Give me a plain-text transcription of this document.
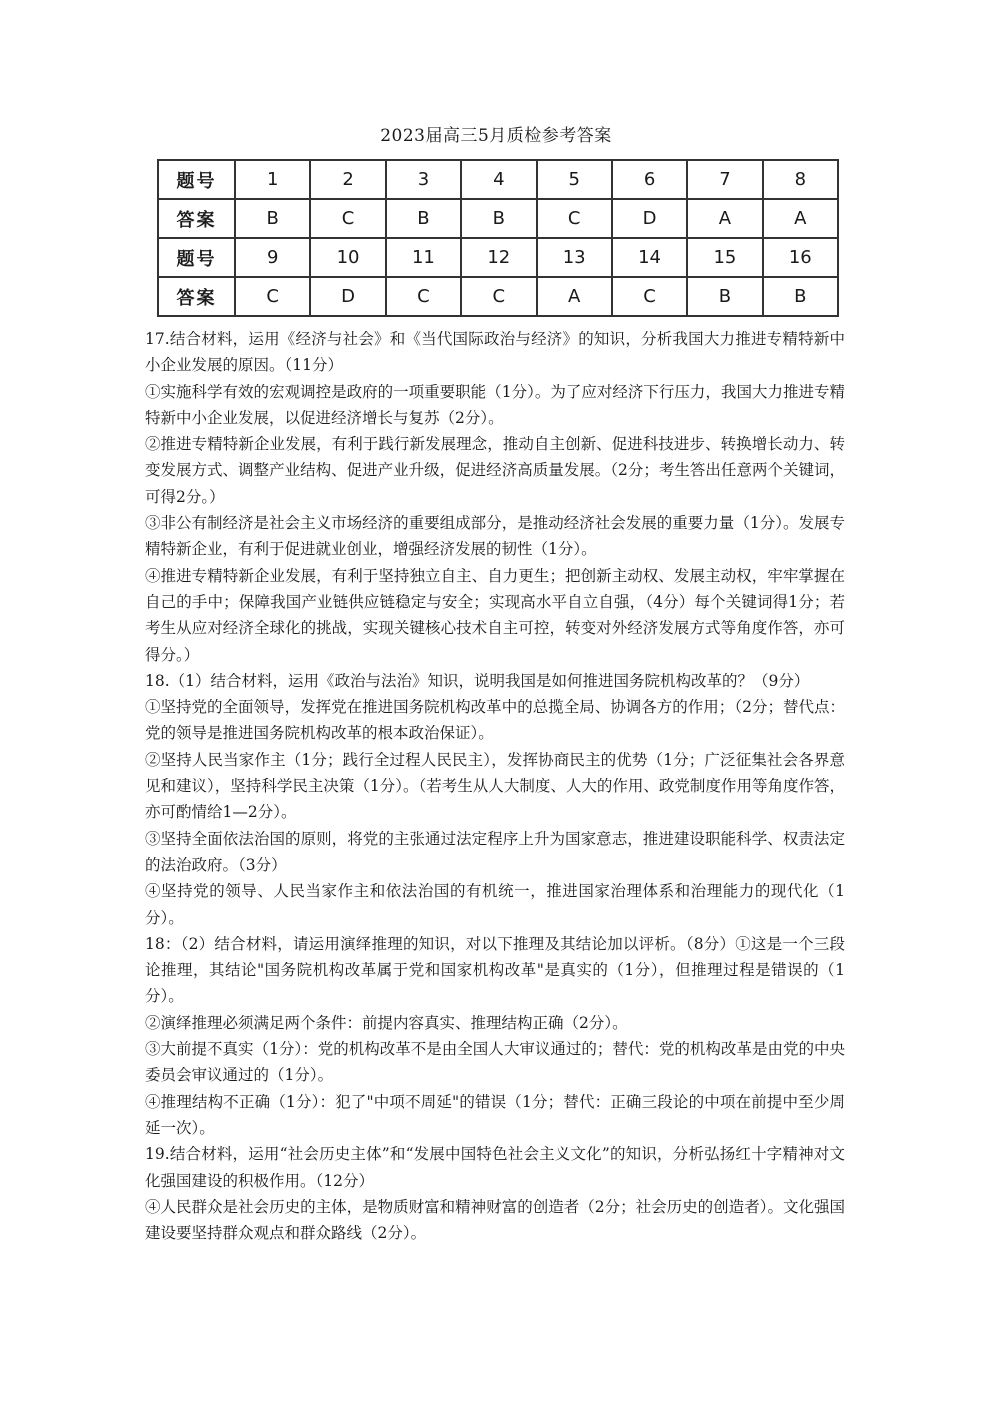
2023届高三5月质检参考答案
题号	1	2	3	4	5	6	7	8
答案	B	C	B	B	C	D	A	A
题号	9	10	11	12	13	14	15	16
答案	C	D	C	C	A	C	B	B

17.结合材料，运用《经济与社会》和《当代国际政治与经济》的知识，分析我国大力推进专精特新中小企业发展的原因。（11分）

①实施科学有效的宏观调控是政府的一项重要职能（1分）。为了应对经济下行压力，我国大力推进专精特新中小企业发展，以促进经济增长与复苏（2分）。

②推进专精特新企业发展，有利于践行新发展理念，推动自主创新、促进科技进步、转换增长动力、转变发展方式、调整产业结构、促进产业升级，促进经济高质量发展。（2分；考生答出任意两个关键词，可得2分。）

③非公有制经济是社会主义市场经济的重要组成部分，是推动经济社会发展的重要力量（1分）。发展专精特新企业，有利于促进就业创业，增强经济发展的韧性（1分）。

④推进专精特新企业发展，有利于坚持独立自主、自力更生；把创新主动权、发展主动权，牢牢掌握在自己的手中；保障我国产业链供应链稳定与安全；实现高水平自立自强，（4分）每个关键词得1分；若考生从应对经济全球化的挑战，实现关键核心技术自主可控，转变对外经济发展方式等角度作答，亦可得分。）

18.（1）结合材料，运用《政治与法治》知识，说明我国是如何推进国务院机构改革的？（9分）

①坚持党的全面领导，发挥党在推进国务院机构改革中的总揽全局、协调各方的作用；（2分；替代点：党的领导是推进国务院机构改革的根本政治保证）。

②坚持人民当家作主（1分；践行全过程人民民主），发挥协商民主的优势（1分；广泛征集社会各界意见和建议），坚持科学民主决策（1分）。（若考生从人大制度、人大的作用、政党制度作用等角度作答，亦可酌情给1—2分）。

③坚持全面依法治国的原则，将党的主张通过法定程序上升为国家意志，推进建设职能科学、权责法定的法治政府。（3分）

④坚持党的领导、人民当家作主和依法治国的有机统一，推进国家治理体系和治理能力的现代化（1分）。

18：（2）结合材料，请运用演绎推理的知识，对以下推理及其结论加以评析。（8分）①这是一个三段论推理，其结论"国务院机构改革属于党和国家机构改革"是真实的（1分），但推理过程是错误的（1分）。

②演绎推理必须满足两个条件：前提内容真实、推理结构正确（2分）。

③大前提不真实（1分）：党的机构改革不是由全国人大审议通过的；替代：党的机构改革是由党的中央委员会审议通过的（1分）。

④推理结构不正确（1分）：犯了"中项不周延"的错误（1分；替代：正确三段论的中项在前提中至少周延一次）。

19.结合材料，运用“社会历史主体”和“发展中国特色社会主义文化”的知识，分析弘扬红十字精神对文化强国建设的积极作用。（12分）

④人民群众是社会历史的主体，是物质财富和精神财富的创造者（2分；社会历史的创造者）。文化强国建设要坚持群众观点和群众路线（2分）。
